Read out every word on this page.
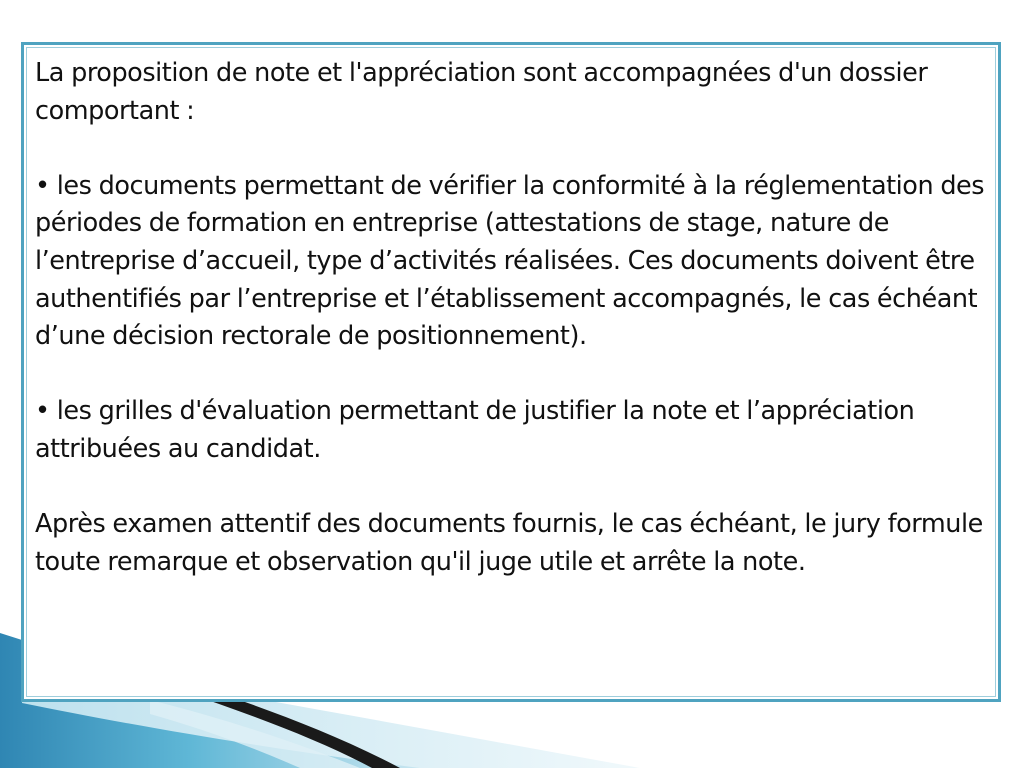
La proposition de note et l'appréciation sont accompagnées d'un dossier comportant :

• les documents permettant de vérifier la conformité à la réglementation des périodes de formation en entreprise (attestations de stage, nature de l’entreprise d’accueil, type d’activités réalisées. Ces documents doivent être authentifiés par l’entreprise et l’établissement accompagnés, le cas échéant d’une décision rectorale de positionnement).

• les grilles d'évaluation permettant de justifier la note et l’appréciation attribuées au candidat.

Après examen attentif des documents fournis, le cas échéant, le jury formule toute remarque et observation qu'il juge utile et arrête la note.
